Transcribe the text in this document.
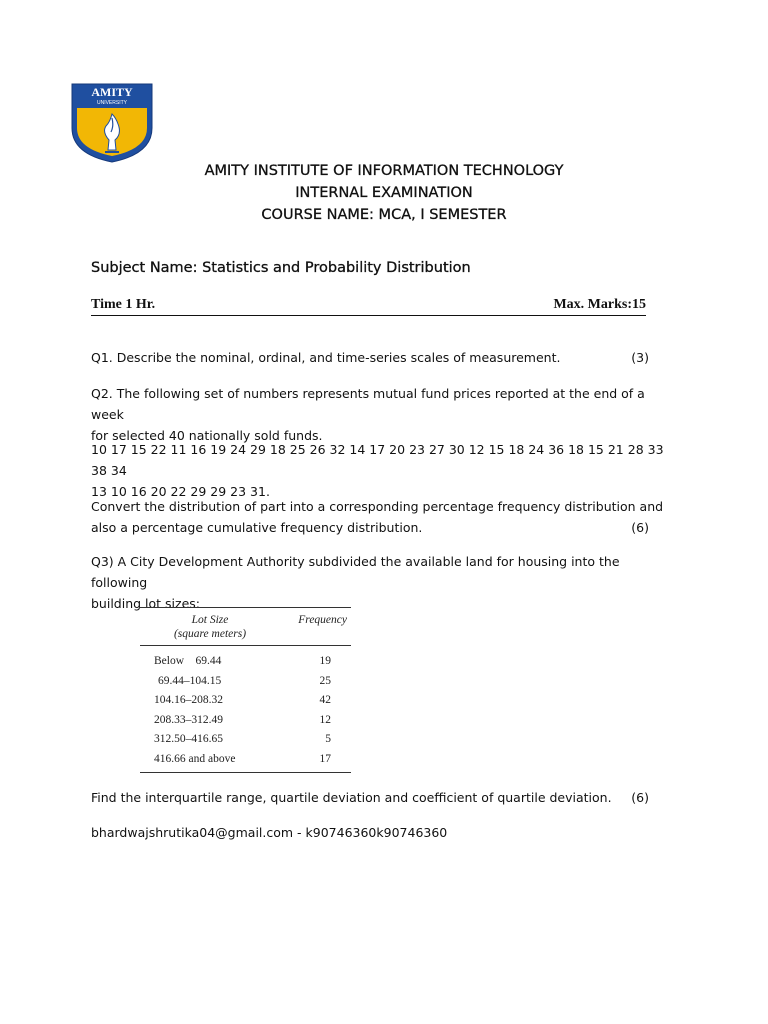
AMITY
UNIVERSITY
AMITY INSTITUTE OF INFORMATION TECHNOLOGY
INTERNAL EXAMINATION
COURSE NAME: MCA, I SEMESTER
Subject Name: Statistics and Probability Distribution
Time 1 Hr.	Max. Marks:15
Q1. Describe the nominal, ordinal, and time-series scales of measurement.	(3)
Q2. The following set of numbers represents mutual fund prices reported at the end of a week
for selected 40 nationally sold funds.
10 17 15 22 11 16 19 24 29 18 25 26 32 14 17 20 23 27 30 12 15 18 24 36 18 15 21 28 33 38 34
13 10 16 20 22 29 29 23 31.
Convert the distribution of part into a corresponding percentage frequency distribution and
also a percentage cumulative frequency distribution.	(6)
Q3) A City Development Authority subdivided the available land for housing into the following
building lot sizes:
Lot Size
(square meters)	Frequency
Below    69.44	19
69.44–104.15	25
104.16–208.32	42
208.33–312.49	12
312.50–416.65	5
416.66 and above	17
Find the interquartile range, quartile deviation and coefficient of quartile deviation. (6)
bhardwajshrutika04@gmail.com - k90746360k90746360
